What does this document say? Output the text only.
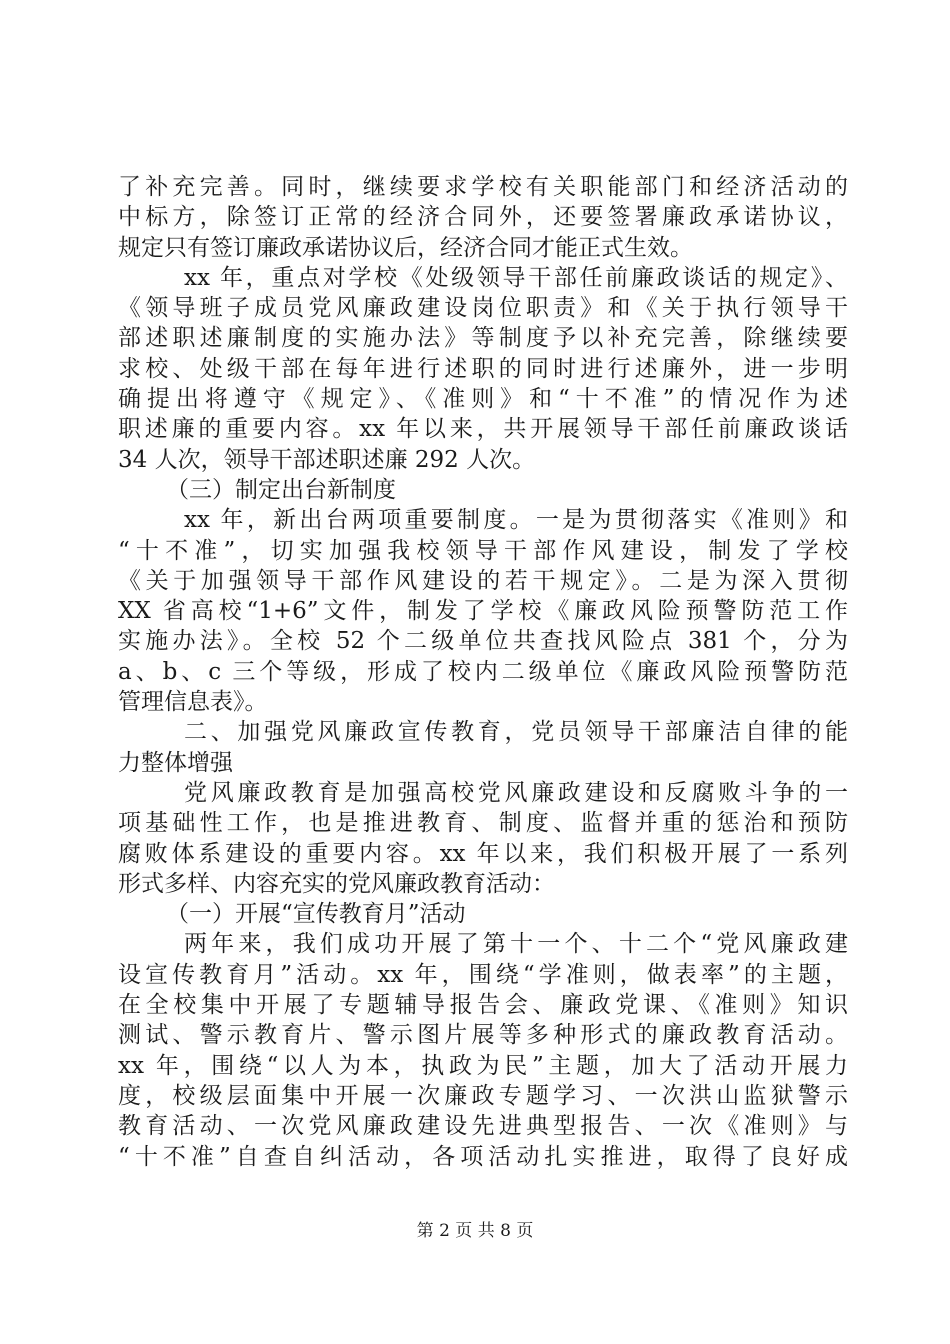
了补充完善。同时，继续要求学校有关职能部门和经济活动的
中标方，除签订正常的经济合同外，还要签署廉政承诺协议，
规定只有签订廉政承诺协议后，经济合同才能正式生效。
xx 年，重点对学校《处级领导干部任前廉政谈话的规定》、
《领导班子成员党风廉政建设岗位职责》和《关于执行领导干
部述职述廉制度的实施办法》等制度予以补充完善，除继续要
求校、处级干部在每年进行述职的同时进行述廉外，进一步明
确提出将遵守《规定》、《准则》和“十不准”的情况作为述
职述廉的重要内容。xx 年以来，共开展领导干部任前廉政谈话
34 人次，领导干部述职述廉 292 人次。
（三）制定出台新制度
xx 年，新出台两项重要制度。一是为贯彻落实《准则》和
“十不准”，切实加强我校领导干部作风建设，制发了学校
《关于加强领导干部作风建设的若干规定》。二是为深入贯彻
XX 省高校“1+6”文件，制发了学校《廉政风险预警防范工作
实施办法》。全校 52 个二级单位共查找风险点 381 个，分为
a、b、c 三个等级，形成了校内二级单位《廉政风险预警防范
管理信息表》。
二、加强党风廉政宣传教育，党员领导干部廉洁自律的能
力整体增强
党风廉政教育是加强高校党风廉政建设和反腐败斗争的一
项基础性工作，也是推进教育、制度、监督并重的惩治和预防
腐败体系建设的重要内容。xx 年以来，我们积极开展了一系列
形式多样、内容充实的党风廉政教育活动：
（一）开展“宣传教育月”活动
两年来，我们成功开展了第十一个、十二个“党风廉政建
设宣传教育月”活动。xx 年，围绕“学准则，做表率”的主题，
在全校集中开展了专题辅导报告会、廉政党课、《准则》知识
测试、警示教育片、警示图片展等多种形式的廉政教育活动。
xx 年，围绕“以人为本，执政为民”主题，加大了活动开展力
度，校级层面集中开展一次廉政专题学习、一次洪山监狱警示
教育活动、一次党风廉政建设先进典型报告、一次《准则》与
“十不准”自查自纠活动，各项活动扎实推进，取得了良好成
第 2 页 共 8 页
